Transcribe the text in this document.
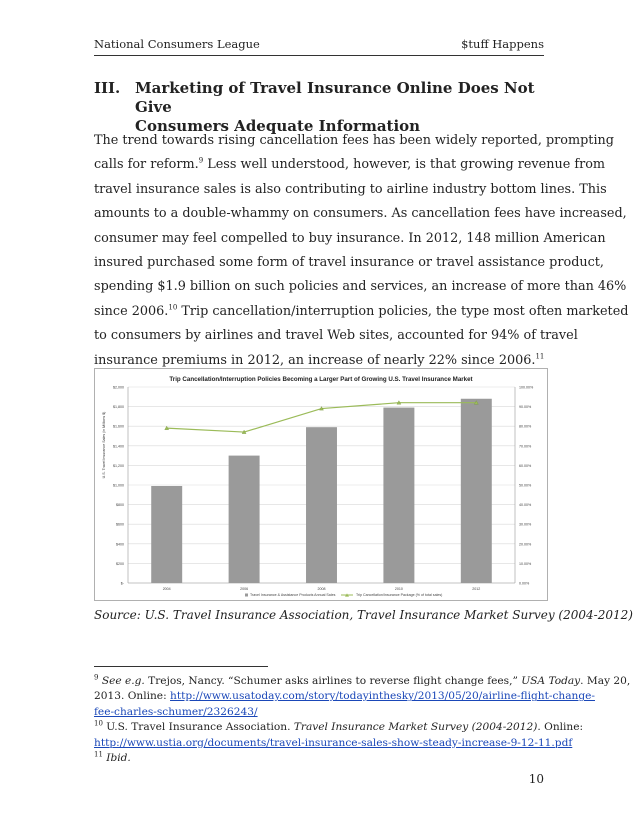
National Consumers League	$tuff Happens
III. Marketing of Travel Insurance Online Does Not Give
Consumers Adequate Information
The trend towards rising cancellation fees has been widely reported, prompting
calls for reform.$^9$ Less well understood, however, is that growing revenue from
travel insurance sales is also contributing to airline industry bottom lines. This
amounts to a double-whammy on consumers. As cancellation fees have increased,
consumer may feel compelled to buy insurance. In 2012, 148 million American
insured purchased some form of travel insurance or travel assistance product,
spending $1.9 billion on such policies and services, an increase of more than 46%
since 2006.10 Trip cancellation/interruption policies, the type most often marketed
to consumers by airlines and travel Web sites, accounted for 94% of travel
insurance premiums in 2012, an increase of nearly 22% since 2006.11
Trip Cancellation/Interruption Policies Becoming a Larger Part of Growing U.S. Travel Insurance Market
$-
$200
$400
$600
$800
$1,000
$1,200
$1,400
$1,600
$1,800
$2,000
0.00%
10.00%
20.00%
30.00%
40.00%
50.00%
60.00%
70.00%
80.00%
90.00%
100.00%
U.S. Travel Insurance Sales (in Millions $)
2004	2006	2008	2010	2012
Travel Insurance & Assistance Products Annual Sales	Trip Cancellation/Insurance Package (% of total sales)
Source: U.S. Travel Insurance Association, Travel Insurance Market Survey (2004-2012)
$^9$ See e.g. Trejos, Nancy. “Schumer asks airlines to reverse flight change fees,” USA Today. May 20,
2013. Online: http://www.usatoday.com/story/todayinthesky/2013/05/20/airline-flight-change-
fee-charles-schumer/2326243/
$^{10}$ U.S. Travel Insurance Association. Travel Insurance Market Survey (2004-2012). Online:
http://www.ustia.org/documents/travel-insurance-sales-show-steady-increase-9-12-11.pdf
$^{11}$ Ibid.
10
